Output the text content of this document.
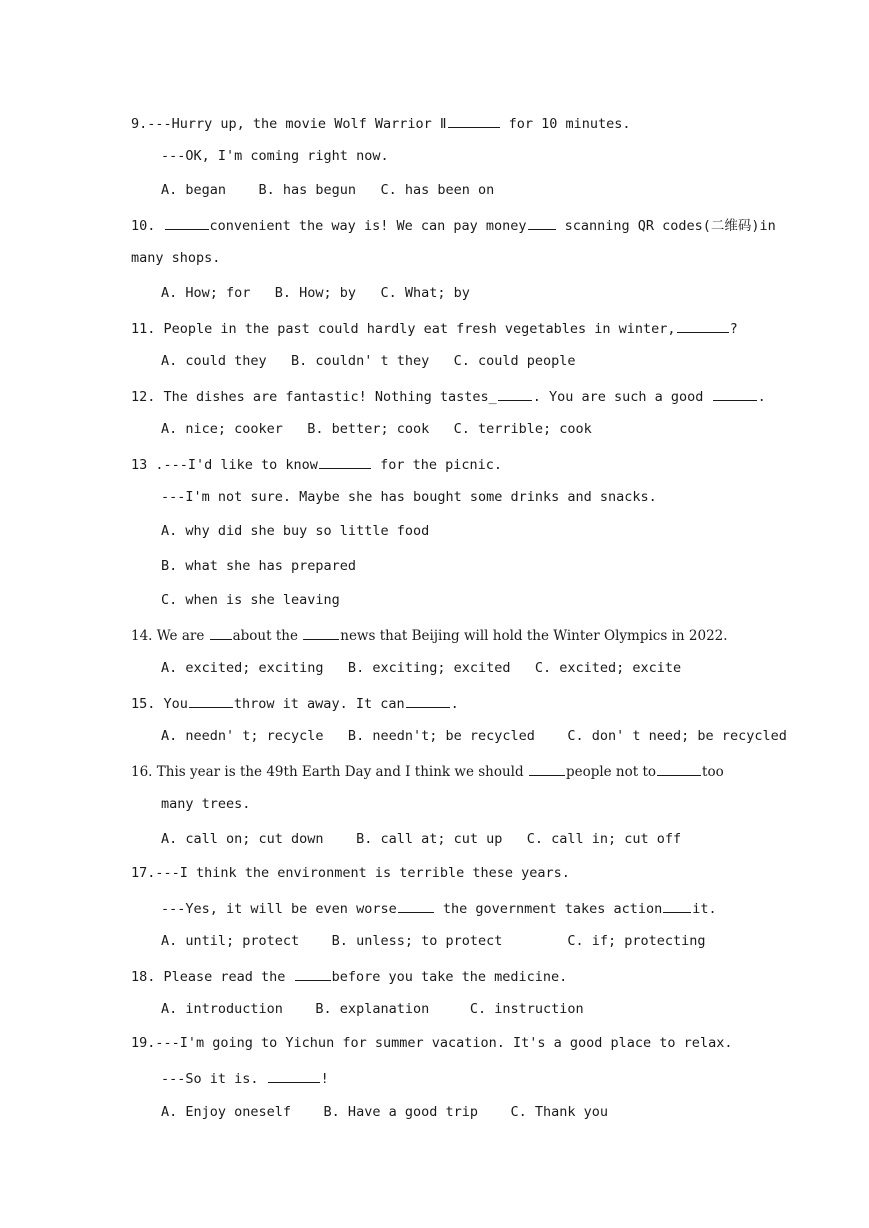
9.---Hurry up, the movie Wolf Warrior Ⅱ	for 10 minutes.
---OK, I'm coming right now.
A. began    B. has begun   C. has been on
10.	convenient the way is! We can pay money scanning QR codes(二维码)in
many shops.
A. How; for   B. How; by   C. What; by
11. People in the past could hardly eat fresh vegetables in winter,	?
A. could they   B. couldn' t they   C. could people
12. The dishes are fantastic! Nothing tastes_	. You are such a good	.
A. nice; cooker   B. better; cook   C. terrible; cook
13 .---I'd like to know	for the picnic.
---I'm not sure. Maybe she has bought some drinks and snacks.
A. why did she buy so little food
B. what she has prepared
C. when is she leaving
14. We are about the	news that Beijing will hold the Winter Olympics in 2022.
A. excited; exciting   B. exciting; excited   C. excited; excite
15. You	throw it away. It can	.
A. needn' t; recycle   B. needn't; be recycled    C. don' t need; be recycled
16. This year is the 49th Earth Day and I think we should	people not to	too
many trees.
A. call on; cut down    B. call at; cut up   C. call in; cut off
17.---I think the environment is terrible these years.
---Yes, it will be even worse	the government takes action it.
A. until; protect    B. unless; to protect        C. if; protecting
18. Please read the	before you take the medicine.
A. introduction    B. explanation     C. instruction
19.---I'm going to Yichun for summer vacation. It's a good place to relax.
---So it is.	!
A. Enjoy oneself    B. Have a good trip    C. Thank you
